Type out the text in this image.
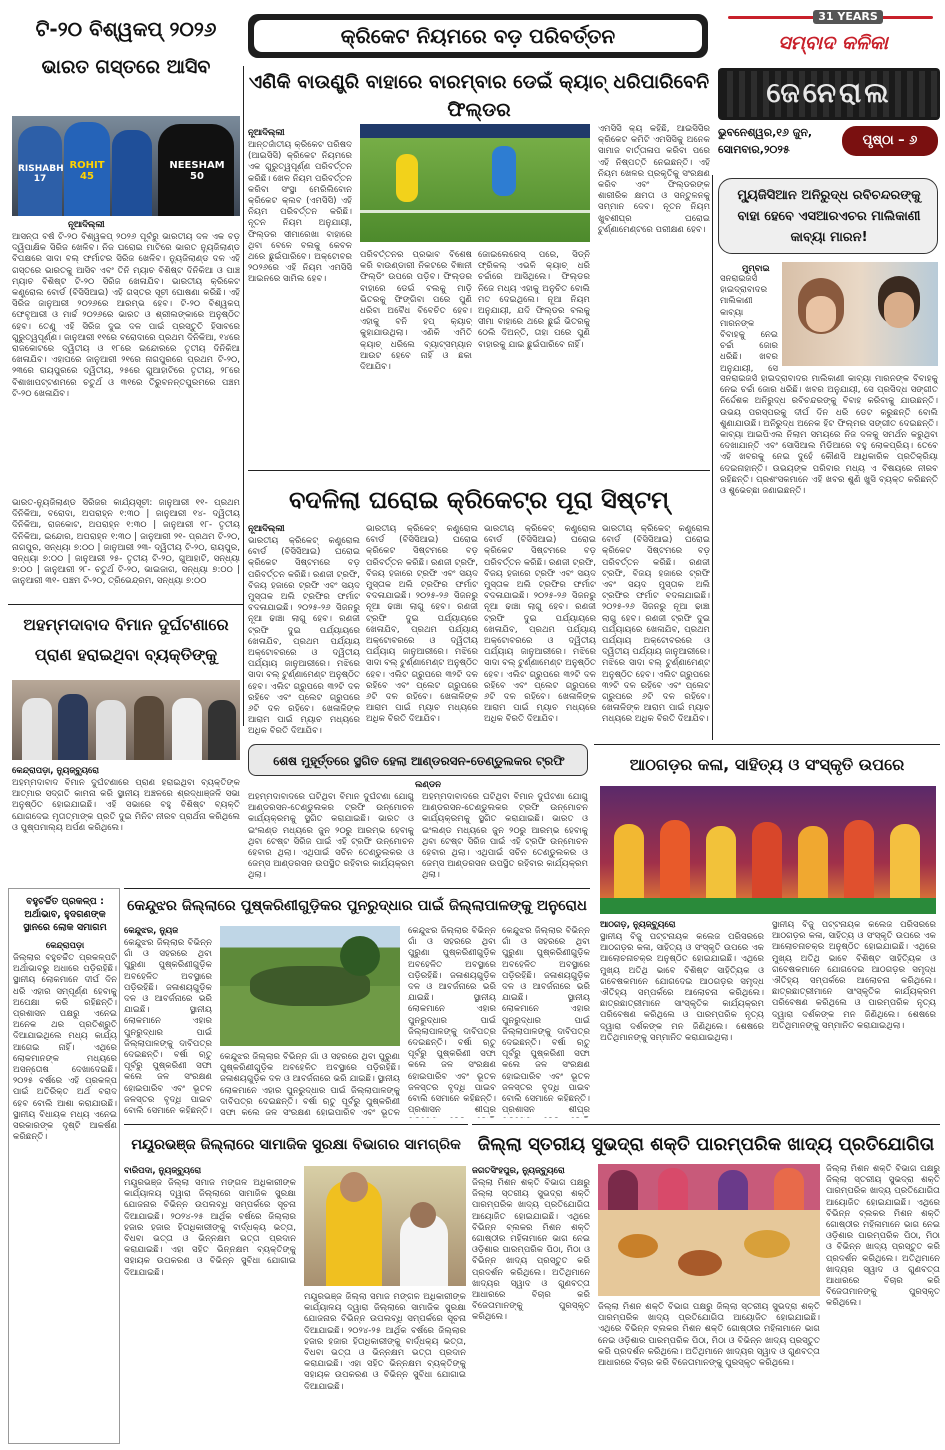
31 YEARS
ସମ୍ବାଦ କଳିକା
ଜେନେରାଲ
ଭୁବନେଶ୍ୱର,୧୬ ଜୁନ, ସୋମବାର,୨୦୨୫
ପୃଷ୍ଠା – ୬
କ୍ରିକେଟ ନିୟମରେ ବଡ଼ ପରିବର୍ତ୍ତନ
ଟି-୨୦ ବିଶ୍ୱକପ୍ ୨୦୨୬
ଭାରତ ଗସ୍ତରେ ଆସିବ
RISHABH 17
ROHIT 45
NEESHAM 50
ନୂଆଦିଲ୍ଲୀ
ଆସନ୍ତା ବର୍ଷ ଟି-୨୦ ବିଶ୍ୱକପ୍ ୨୦୨୬ ପୂର୍ବରୁ ଭାରତୀୟ ଦଳ ଏକ ବଡ଼ ଦ୍ୱିପାକ୍ଷିକ ସିରିଜ ଖେଳିବ। ନିଜ ଘରୋଇ ମାଟିରେ ଭାରତ ନ୍ୟୁଜିଲାଣ୍ଡ ବିପକ୍ଷରେ ସାଦା ବଲ୍ ଫର୍ମାଟର ସିରିଜ ଖେଳିବ। ନ୍ୟୁଜିଲାଣ୍ଡ ଦଳ ଏହି ଗସ୍ତରେ ଭାରତକୁ ଆସିବ ଏବଂ ତିନି ମ୍ୟାଚ ବିଶିଷ୍ଟ ଦିନିକିଆ ଓ ପାଞ୍ଚ ମ୍ୟାଚ ବିଶିଷ୍ଟ ଟି-୨୦ ସିରିଜ ଖେଳାଯିବ। ଭାରତୀୟ କ୍ରିକେଟ କଣ୍ଟ୍ରୋଲ ବୋର୍ଡ (ବିସିସିଆଇ) ଏହି ଗସ୍ତର ସୂଚୀ ଘୋଷଣା କରିଛି। ଏହି ସିରିଜ ଜାନୁଆରୀ ୨୦୨୬ରେ ଆରମ୍ଭ ହେବ। ଟି-୨୦ ବିଶ୍ୱକପ୍ ଫେବୃଆରୀ ଓ ମାର୍ଚ୍ଚ ୨୦୨୬ରେ ଭାରତ ଓ ଶ୍ରୀଲଙ୍କାରେ ଅନୁଷ୍ଠିତ ହେବ। ତେଣୁ ଏହି ସିରିଜ ଦୁଇ ଦଳ ପାଇଁ ପ୍ରସ୍ତୁତି ହିସାବରେ ଗୁରୁତ୍ୱପୂର୍ଣ୍ଣ। ଜାନୁଆରୀ ୧୧ରେ ବରୋଦାରେ ପ୍ରଥମ ଦିନିକିଆ, ୧୪ରେ ରାଜକୋଟରେ ଦ୍ୱିତୀୟ ଓ ୧୮ରେ ଇନ୍ଦୋରରେ ତୃତୀୟ ଦିନିକିଆ ଖେଳାଯିବ। ଏହାପରେ ଜାନୁଆରୀ ୨୧ରେ ନାଗପୁରରେ ପ୍ରଥମ ଟି-୨୦, ୨୩ରେ ରାୟପୁରରେ ଦ୍ୱିତୀୟ, ୨୫ରେ ଗୁଆହାଟିରେ ତୃତୀୟ, ୨୮ରେ ବିଶାଖାପଟ୍ଟଣମରେ ଚତୁର୍ଥ ଓ ୩୧ରେ ତିରୁବନନ୍ତପୁରମରେ ପଞ୍ଚମ ଟି-୨୦ ଖେଳାଯିବ।
ଭାରତ-ନ୍ୟୁଜିଲାଣ୍ଡ ସିରିଜର କାର୍ଯ୍ୟସୂଚୀ: ଜାନୁଆରୀ ୧୧- ପ୍ରଥମ ଦିନିକିଆ, ବରୋଦା, ଅପରାହ୍ନ ୧:୩୦ | ଜାନୁଆରୀ ୧୪- ଦ୍ୱିତୀୟ ଦିନିକିଆ, ରାଜକୋଟ, ଅପରାହ୍ନ ୧:୩୦ | ଜାନୁଆରୀ ୧୮- ତୃତୀୟ ଦିନିକିଆ, ଇନ୍ଦୋର, ଅପରାହ୍ନ ୧:୩୦ | ଜାନୁଆରୀ ୨୧- ପ୍ରଥମ ଟି-୨୦, ନାଗପୁର, ସନ୍ଧ୍ୟା ୭:୦୦ | ଜାନୁଆରୀ ୨୩- ଦ୍ୱିତୀୟ ଟି-୨୦, ରାୟପୁର, ସନ୍ଧ୍ୟା ୭:୦୦ | ଜାନୁଆରୀ ୨୫- ତୃତୀୟ ଟି-୨୦, ଗୁଆହାଟି, ସନ୍ଧ୍ୟା ୭:୦୦ | ଜାନୁଆରୀ ୨୮- ଚତୁର୍ଥ ଟି-୨୦, ଭାଇଜାଗ, ସନ୍ଧ୍ୟା ୭:୦୦ | ଜାନୁଆରୀ ୩୧- ପଞ୍ଚମ ଟି-୨୦, ତ୍ରିଭେନ୍ଦ୍ରମ, ସନ୍ଧ୍ୟା ୭:୦୦
ଏଣିକି ବାଉଣ୍ଡ୍ରି ବାହାରେ ବାରମ୍ବାର ଡେଇଁ କ୍ୟାଚ୍ ଧରିପାରିବେନି ଫିଲ୍ଡର
ନୂଆଦିଲ୍ଲୀ
ଆନ୍ତର୍ଜାତୀୟ କ୍ରିକେଟ ପରିଷଦ (ଆଇସିସି) କ୍ରିକେଟ ନିୟମରେ ଏକ ଗୁରୁତ୍ୱପୂର୍ଣ୍ଣ ପରିବର୍ତ୍ତନ କରିଛି। ଖେଳ ନିୟମ ପରିବର୍ତ୍ତନ କରିବା ସଂସ୍ଥା ମେରିଲିବୋନ କ୍ରିକେଟ କ୍ଲବ (ଏମସିସି) ଏହି ନିୟମ ପରିବର୍ତ୍ତନ କରିଛି। ନୂତନ ନିୟମ ଅନୁଯାୟୀ, ଫିଲ୍ଡର ସୀମାରେଖା ବାହାରେ ଥିବା ବେଳେ ବଲକୁ କେବଳ ଥରେ ଛୁଇଁପାରିବେ। ଅକ୍ଟୋବର ୨୦୨୬ରେ ଏହି ନିୟମ ଏମସିସି ଆଇନରେ ସାମିଲ ହେବ।
ପରିବର୍ତ୍ତନର ପ୍ରଭାବ ବିଶେଷ କରି ବାଉଣ୍ଡାରୀ ନିକଟରେ ବିଜ୍ଞାନୀ ଫିଲ୍ଡିଂ ଉପରେ ପଡ଼ିବ। ଫିଲ୍ଡର ବାହାରେ ଡେଇଁ ବଲକୁ ମାଡ଼ି ଭିତରକୁ ଫିଙ୍ଗିବା ପରେ ପୁଣି ଧରିବା ଅବୈଧ ବିବେଚିତ ହେବ। ଏହାକୁ ବନି ହପ୍ କ୍ୟାଚ୍ କୁହାଯାଉଥିଲା। ଏଣିକି ଏମିତି କ୍ୟାଚ୍ ଧରିଲେ ବ୍ୟାଟ୍ସମ୍ୟାନ ଆଉଟ ହେବେ ନାହିଁ ଓ ଛକା ଦିଆଯିବ।
ଜୋଇଲେରେସ୍ ପରେ, ସିଡ୍ନି ଫ୍ରିକଲ୍ ଏଭଳି କ୍ୟାଚ୍ ଧରି ଚର୍ଚ୍ଚାରେ ଆସିଥିଲେ। ଫିଲ୍ଡର ନିଜେ ମଧ୍ୟ ଏହାକୁ ଅନୁଚିତ ବୋଲି ମତ ଦେଇଥିଲେ। ନୂଆ ନିୟମ ଅନୁଯାୟୀ, ଯଦି ଫିଲ୍ଡର ବଲକୁ ସୀମା ବାହାରେ ଥରେ ଛୁଇଁ ଭିତରକୁ ଠେଲି ଦିଅନ୍ତି, ତାହା ପରେ ପୁଣି ବାହାରକୁ ଯାଇ ଛୁଇଁପାରିବେ ନାହିଁ।
ଏମସିସି କ୍ୟ କହିଛି, ଆଇସିସିର କ୍ରିକେଟ କମିଟି ଏମସିସିକୁ ଅନେକ ସାମାଜ ବାର୍ତ୍ତାଳାପ କରିବା ପରେ ଏହି ନିଷ୍ପତ୍ତି ନେଇଛନ୍ତି। ଏହି ନିୟମ ଖେଳର ପ୍ରକୃତିକୁ ସଂରକ୍ଷଣ କରିବ ଏବଂ ଫିଲ୍ଡରଙ୍କ ଶାରୀରିକ କ୍ଷମତା ଓ ସନ୍ତୁଳନକୁ ସମ୍ମାନ ଦେବ। ନୂତନ ନିୟମ ଖୁବଶୀଘ୍ର ଘରୋଇ ଟୁର୍ଣ୍ଣାମେଣ୍ଟରେ ପରୀକ୍ଷଣ ହେବ।
ମ୍ୟୁଜିସିଆନ ଅନିରୁଦ୍ଧ ରବିଚନ୍ଦରଙ୍କୁ ବାହା ହେବେ ଏସଆରଏଚର ମାଲିକାଣୀ କାବ୍ୟା ମାରନ!
ମୁମ୍ବାଇ
ସନରାଇଜର୍ସ ହାଇଦ୍ରାବାଦର ମାଲିକାଣୀ କାବ୍ୟା ମାରନଙ୍କ ବିବାହକୁ ନେଇ ଚର୍ଚ୍ଚା ଜୋର ଧରିଛି। ଖବର ଅନୁଯାୟୀ, ସେ
ସନରାଇଜର୍ସ ହାଇଦ୍ରାବାଦର ମାଲିକାଣୀ କାବ୍ୟା ମାରନଙ୍କ ବିବାହକୁ ନେଇ ଚର୍ଚ୍ଚା ଜୋର ଧରିଛି। ଖବର ଅନୁଯାୟୀ, ସେ ପ୍ରସିଦ୍ଧ ସଙ୍ଗୀତ ନିର୍ଦ୍ଦେଶକ ଅନିରୁଦ୍ଧ ରବିଚନ୍ଦରଙ୍କୁ ବିବାହ କରିବାକୁ ଯାଉଛନ୍ତି। ଉଭୟ ପରସ୍ପରକୁ ଦୀର୍ଘ ଦିନ ଧରି ଡେଟ କରୁଛନ୍ତି ବୋଲି ଶୁଣାଯାଉଛି। ଅନିରୁଦ୍ଧ ଅନେକ ହିଟ ଫିଲ୍ମର ସଙ୍ଗୀତ ଦେଇଛନ୍ତି। କାବ୍ୟା ଆଇପିଏଲ ନିଲାମ ସମୟରେ ନିଜ ଦଳକୁ ସମର୍ଥନ କରୁଥିବା ଦେଖାଯାନ୍ତି ଏବଂ ସୋସିଆଲ ମିଡିଆରେ ବହୁ ଲୋକପ୍ରିୟ। ତେବେ ଏହି ଖବରକୁ ନେଇ ଦୁହେଁ କୌଣସି ଆଧିକାରିକ ପ୍ରତିକ୍ରିୟା ଦେଇନାହାନ୍ତି। ଉଭୟଙ୍କ ପରିବାର ମଧ୍ୟ ଏ ବିଷୟରେ ନୀରବ ରହିଛନ୍ତି। ପ୍ରଶଂସକମାନେ ଏହି ଖବର ଶୁଣି ଖୁସି ବ୍ୟକ୍ତ କରିଛନ୍ତି ଓ ଶୁଭେଚ୍ଛା ଜଣାଇଛନ୍ତି।
ବଦଳିଲା ଘରୋଇ କ୍ରିକେଟ୍‌ର ପୂରା ସିଷ୍ଟମ୍
ନୂଆଦିଲ୍ଲୀ
ଭାରତୀୟ କ୍ରିକେଟ୍ କଣ୍ଟ୍ରୋଲ ବୋର୍ଡ (ବିସିସିଆଇ) ଘରୋଇ କ୍ରିକେଟ ସିଷ୍ଟମରେ ବଡ଼ ପରିବର୍ତ୍ତନ କରିଛି। ରଣଜୀ ଟ୍ରଫି, ବିଜୟ ହଜାରେ ଟ୍ରଫି ଏବଂ ସୟଦ ମୁସ୍ତାକ ଅଲି ଟ୍ରଫିର ଫର୍ମାଟ ବଦଳାଯାଇଛି। ୨୦୨୫-୨୬ ସିଜନରୁ ନୂଆ ଢାଞ୍ଚା ଲାଗୁ ହେବ। ରଣଜୀ ଟ୍ରଫି ଦୁଇ ପର୍ଯ୍ୟାୟରେ ଖେଳାଯିବ, ପ୍ରଥମ ପର୍ଯ୍ୟାୟ ଅକ୍ଟୋବରରେ ଓ ଦ୍ୱିତୀୟ ପର୍ଯ୍ୟାୟ ଜାନୁଆରୀରେ। ମଝିରେ ସାଦା ବଲ୍ ଟୁର୍ଣ୍ଣାମେଣ୍ଟ ଅନୁଷ୍ଠିତ ହେବ। ଏଲିଟ ଗ୍ରୁପରେ ୩୨ଟି ଦଳ ରହିବେ ଏବଂ ପ୍ଲେଟ ଗ୍ରୁପରେ ୬ଟି ଦଳ ରହିବେ। ଖେଳାଳିଙ୍କ ଆରାମ ପାଇଁ ମ୍ୟାଚ ମଧ୍ୟରେ ଅଧିକ ବିରତି ଦିଆଯିବ।
ଭାରତୀୟ କ୍ରିକେଟ୍ କଣ୍ଟ୍ରୋଲ ବୋର୍ଡ (ବିସିସିଆଇ) ଘରୋଇ କ୍ରିକେଟ ସିଷ୍ଟମରେ ବଡ଼ ପରିବର୍ତ୍ତନ କରିଛି। ରଣଜୀ ଟ୍ରଫି, ବିଜୟ ହଜାରେ ଟ୍ରଫି ଏବଂ ସୟଦ ମୁସ୍ତାକ ଅଲି ଟ୍ରଫିର ଫର୍ମାଟ ବଦଳାଯାଇଛି। ୨୦୨୫-୨୬ ସିଜନରୁ ନୂଆ ଢାଞ୍ଚା ଲାଗୁ ହେବ। ରଣଜୀ ଟ୍ରଫି ଦୁଇ ପର୍ଯ୍ୟାୟରେ ଖେଳାଯିବ, ପ୍ରଥମ ପର୍ଯ୍ୟାୟ ଅକ୍ଟୋବରରେ ଓ ଦ୍ୱିତୀୟ ପର୍ଯ୍ୟାୟ ଜାନୁଆରୀରେ। ମଝିରେ ସାଦା ବଲ୍ ଟୁର୍ଣ୍ଣାମେଣ୍ଟ ଅନୁଷ୍ଠିତ ହେବ। ଏଲିଟ ଗ୍ରୁପରେ ୩୨ଟି ଦଳ ରହିବେ ଏବଂ ପ୍ଲେଟ ଗ୍ରୁପରେ ୬ଟି ଦଳ ରହିବେ। ଖେଳାଳିଙ୍କ ଆରାମ ପାଇଁ ମ୍ୟାଚ ମଧ୍ୟରେ ଅଧିକ ବିରତି ଦିଆଯିବ।
ଭାରତୀୟ କ୍ରିକେଟ୍ କଣ୍ଟ୍ରୋଲ ବୋର୍ଡ (ବିସିସିଆଇ) ଘରୋଇ କ୍ରିକେଟ ସିଷ୍ଟମରେ ବଡ଼ ପରିବର୍ତ୍ତନ କରିଛି। ରଣଜୀ ଟ୍ରଫି, ବିଜୟ ହଜାରେ ଟ୍ରଫି ଏବଂ ସୟଦ ମୁସ୍ତାକ ଅଲି ଟ୍ରଫିର ଫର୍ମାଟ ବଦଳାଯାଇଛି। ୨୦୨୫-୨୬ ସିଜନରୁ ନୂଆ ଢାଞ୍ଚା ଲାଗୁ ହେବ। ରଣଜୀ ଟ୍ରଫି ଦୁଇ ପର୍ଯ୍ୟାୟରେ ଖେଳାଯିବ, ପ୍ରଥମ ପର୍ଯ୍ୟାୟ ଅକ୍ଟୋବରରେ ଓ ଦ୍ୱିତୀୟ ପର୍ଯ୍ୟାୟ ଜାନୁଆରୀରେ। ମଝିରେ ସାଦା ବଲ୍ ଟୁର୍ଣ୍ଣାମେଣ୍ଟ ଅନୁଷ୍ଠିତ ହେବ। ଏଲିଟ ଗ୍ରୁପରେ ୩୨ଟି ଦଳ ରହିବେ ଏବଂ ପ୍ଲେଟ ଗ୍ରୁପରେ ୬ଟି ଦଳ ରହିବେ। ଖେଳାଳିଙ୍କ ଆରାମ ପାଇଁ ମ୍ୟାଚ ମଧ୍ୟରେ ଅଧିକ ବିରତି ଦିଆଯିବ।
ଭାରତୀୟ କ୍ରିକେଟ୍ କଣ୍ଟ୍ରୋଲ ବୋର୍ଡ (ବିସିସିଆଇ) ଘରୋଇ କ୍ରିକେଟ ସିଷ୍ଟମରେ ବଡ଼ ପରିବର୍ତ୍ତନ କରିଛି। ରଣଜୀ ଟ୍ରଫି, ବିଜୟ ହଜାରେ ଟ୍ରଫି ଏବଂ ସୟଦ ମୁସ୍ତାକ ଅଲି ଟ୍ରଫିର ଫର୍ମାଟ ବଦଳାଯାଇଛି। ୨୦୨୫-୨୬ ସିଜନରୁ ନୂଆ ଢାଞ୍ଚା ଲାଗୁ ହେବ। ରଣଜୀ ଟ୍ରଫି ଦୁଇ ପର୍ଯ୍ୟାୟରେ ଖେଳାଯିବ, ପ୍ରଥମ ପର୍ଯ୍ୟାୟ ଅକ୍ଟୋବରରେ ଓ ଦ୍ୱିତୀୟ ପର୍ଯ୍ୟାୟ ଜାନୁଆରୀରେ। ମଝିରେ ସାଦା ବଲ୍ ଟୁର୍ଣ୍ଣାମେଣ୍ଟ ଅନୁଷ୍ଠିତ ହେବ। ଏଲିଟ ଗ୍ରୁପରେ ୩୨ଟି ଦଳ ରହିବେ ଏବଂ ପ୍ଲେଟ ଗ୍ରୁପରେ ୬ଟି ଦଳ ରହିବେ। ଖେଳାଳିଙ୍କ ଆରାମ ପାଇଁ ମ୍ୟାଚ ମଧ୍ୟରେ ଅଧିକ ବିରତି ଦିଆଯିବ।
ଅହମ୍ମଦାବାଦ ବିମାନ ଦୁର୍ଘଟଣାରେ
ପ୍ରାଣ ହରାଇଥିବା ବ୍ୟକ୍ତିଙ୍କୁ
କେନ୍ଦ୍ରାପଡ଼ା, ନ୍ୟୁଜ୍‌ବ୍ୟୁରୋ
ଅହମ୍ମଦାବାଦ ବିମାନ ଦୁର୍ଘଟଣାରେ ପ୍ରାଣ ହରାଇଥିବା ବ୍ୟକ୍ତିଙ୍କ ଆତ୍ମାର ସଦ୍‌ଗତି କାମନା କରି ସ୍ଥାନୀୟ ଅଞ୍ଚଳରେ ଶ୍ରଦ୍ଧାଞ୍ଜଳି ସଭା ଅନୁଷ୍ଠିତ ହୋଇଯାଇଛି। ଏହି ସଭାରେ ବହୁ ବିଶିଷ୍ଟ ବ୍ୟକ୍ତି ଯୋଗଦେଇ ମୃତାତ୍ମାଙ୍କ ପ୍ରତି ଦୁଇ ମିନିଟ ନୀରବ ପ୍ରାର୍ଥନା କରିଥିଲେ ଓ ପୁଷ୍ପମାଲ୍ୟ ଅର୍ପଣ କରିଥିଲେ।
ଶେଷ ମୁହୂର୍ତ୍ତରେ ସ୍ଥଗିତ ହେଲା ଆଣ୍ଡରସନ-ତେଣ୍ଡୁଲକର ଟ୍ରଫି
ଲଣ୍ଡନ
ଅହମ୍ମଦାବାଦରେ ଘଟିଥିବା ବିମାନ ଦୁର୍ଘଟଣା ଯୋଗୁ ଆଣ୍ଡରସନ-ତେଣ୍ଡୁଲକର ଟ୍ରଫି ଉନ୍ମୋଚନ କାର୍ଯ୍ୟକ୍ରମକୁ ସ୍ଥଗିତ କରାଯାଇଛି। ଭାରତ ଓ ଇଂଲଣ୍ଡ ମଧ୍ୟରେ ଜୁନ ୨୦ରୁ ଆରମ୍ଭ ହେବାକୁ ଥିବା ଟେଷ୍ଟ ସିରିଜ ପାଇଁ ଏହି ଟ୍ରଫି ଉନ୍ମୋଚନ ହେବାର ଥିଲା। ଏଥିପାଇଁ ସଚିନ ତେଣ୍ଡୁଲକର ଓ ଜେମ୍ସ ଆଣ୍ଡରସନ ଉପସ୍ଥିତ ରହିବାର କାର୍ଯ୍ୟକ୍ରମ ଥିଲା।
ଅହମ୍ମଦାବାଦରେ ଘଟିଥିବା ବିମାନ ଦୁର୍ଘଟଣା ଯୋଗୁ ଆଣ୍ଡରସନ-ତେଣ୍ଡୁଲକର ଟ୍ରଫି ଉନ୍ମୋଚନ କାର୍ଯ୍ୟକ୍ରମକୁ ସ୍ଥଗିତ କରାଯାଇଛି। ଭାରତ ଓ ଇଂଲଣ୍ଡ ମଧ୍ୟରେ ଜୁନ ୨୦ରୁ ଆରମ୍ଭ ହେବାକୁ ଥିବା ଟେଷ୍ଟ ସିରିଜ ପାଇଁ ଏହି ଟ୍ରଫି ଉନ୍ମୋଚନ ହେବାର ଥିଲା। ଏଥିପାଇଁ ସଚିନ ତେଣ୍ଡୁଲକର ଓ ଜେମ୍ସ ଆଣ୍ଡରସନ ଉପସ୍ଥିତ ରହିବାର କାର୍ଯ୍ୟକ୍ରମ ଥିଲା।
ଆଠଗଡ଼ର କଳା, ସାହିତ୍ୟ ଓ ସଂସ୍କୃତି ଉପରେ
ଆଠଗଡ଼, ନ୍ୟୁଜ୍‌ବ୍ୟୁରୋ
ସ୍ଥାନୀୟ ବିଜୁ ପଟ୍ଟନାୟକ କଲେଜ ପରିସରରେ ଆଠଗଡ଼ର କଳା, ସାହିତ୍ୟ ଓ ସଂସ୍କୃତି ଉପରେ ଏକ ଆଲୋଚନାଚକ୍ର ଅନୁଷ୍ଠିତ ହୋଇଯାଇଛି। ଏଥିରେ ମୁଖ୍ୟ ଅତିଥି ଭାବେ ବିଶିଷ୍ଟ ସାହିତ୍ୟିକ ଓ ଗବେଷକମାନେ ଯୋଗଦେଇ ଆଠଗଡ଼ର ସମୃଦ୍ଧ ଐତିହ୍ୟ ସମ୍ପର୍କରେ ଆଲୋଚନା କରିଥିଲେ। ଛାତ୍ରଛାତ୍ରୀମାନେ ସାଂସ୍କୃତିକ କାର୍ଯ୍ୟକ୍ରମ ପରିବେଷଣ କରିଥିଲେ ଓ ପାରମ୍ପରିକ ନୃତ୍ୟ ଦ୍ୱାରା ଦର୍ଶକଙ୍କ ମନ ଜିଣିଥିଲେ। ଶେଷରେ ଅତିଥିମାନଙ୍କୁ ସମ୍ମାନିତ କରାଯାଇଥିଲା।
ସ୍ଥାନୀୟ ବିଜୁ ପଟ୍ଟନାୟକ କଲେଜ ପରିସରରେ ଆଠଗଡ଼ର କଳା, ସାହିତ୍ୟ ଓ ସଂସ୍କୃତି ଉପରେ ଏକ ଆଲୋଚନାଚକ୍ର ଅନୁଷ୍ଠିତ ହୋଇଯାଇଛି। ଏଥିରେ ମୁଖ୍ୟ ଅତିଥି ଭାବେ ବିଶିଷ୍ଟ ସାହିତ୍ୟିକ ଓ ଗବେଷକମାନେ ଯୋଗଦେଇ ଆଠଗଡ଼ର ସମୃଦ୍ଧ ଐତିହ୍ୟ ସମ୍ପର୍କରେ ଆଲୋଚନା କରିଥିଲେ। ଛାତ୍ରଛାତ୍ରୀମାନେ ସାଂସ୍କୃତିକ କାର୍ଯ୍ୟକ୍ରମ ପରିବେଷଣ କରିଥିଲେ ଓ ପାରମ୍ପରିକ ନୃତ୍ୟ ଦ୍ୱାରା ଦର୍ଶକଙ୍କ ମନ ଜିଣିଥିଲେ। ଶେଷରେ ଅତିଥିମାନଙ୍କୁ ସମ୍ମାନିତ କରାଯାଇଥିଲା।
ବହୁଚର୍ଚ୍ଚିତ ପ୍ରକଳ୍ପ : ଅର୍ଥାଭାବ, ହୁଦଗଣଙ୍କ ସ୍ଥାନରେ ଲୋକ ସମାଗମ
କେନ୍ଦ୍ରାପଡ଼ା
ଜିଲ୍ଲାର ବହୁଚର୍ଚ୍ଚିତ ପ୍ରକଳ୍ପଟି ଅର୍ଥାଭାବରୁ ଅଧାରେ ପଡ଼ିରହିଛି। ସ୍ଥାନୀୟ ଲୋକମାନେ ଦୀର୍ଘ ଦିନ ଧରି ଏହାର ସମ୍ପୂର୍ଣ୍ଣ ହେବାକୁ ଅପେକ୍ଷା କରି ରହିଛନ୍ତି। ପ୍ରଶାସନ ପକ୍ଷରୁ ଏନେଇ ଅନେକ ଥର ପ୍ରତିଶ୍ରୁତି ଦିଆଯାଇଥିଲେ ମଧ୍ୟ କାର୍ଯ୍ୟ ଆଗେଇ ନାହିଁ। ଏଥିରେ ଲୋକମାନଙ୍କ ମଧ୍ୟରେ ଅସନ୍ତୋଷ ଦେଖାଦେଇଛି। ୨୦୨୫ ବର୍ଷରେ ଏହି ପ୍ରକଳ୍ପ ପାଇଁ ଅତିରିକ୍ତ ଅର୍ଥ ବରାଦ ହେବ ବୋଲି ଆଶା କରାଯାଉଛି। ସ୍ଥାନୀୟ ବିଧାୟକ ମଧ୍ୟ ଏନେଇ ସରକାରଙ୍କ ଦୃଷ୍ଟି ଆକର୍ଷଣ କରିଛନ୍ତି।
କେନ୍ଦୁଝର ଜିଲ୍ଲାରେ ପୁଷ୍କରିଣୀଗୁଡ଼ିକର ପୁନରୁଦ୍ଧାର ପାଇଁ ଜିଲ୍ଲାପାଳଙ୍କୁ ଅନୁରୋଧ
କେନ୍ଦୁଝର, ନ୍ୟୁଜ
କେନ୍ଦୁଝର ଜିଲ୍ଲାର ବିଭିନ୍ନ ଗାଁ ଓ ସହରରେ ଥିବା ପୁରୁଣା ପୁଷ୍କରିଣୀଗୁଡ଼ିକ ଅବହେଳିତ ଅବସ୍ଥାରେ ପଡ଼ିରହିଛି। ଜଳାଶୟଗୁଡ଼ିକ ଦଳ ଓ ଆବର୍ଜନାରେ ଭରି ଯାଇଛି। ସ୍ଥାନୀୟ ଲୋକମାନେ ଏହାର ପୁନରୁଦ୍ଧାର ପାଇଁ ଜିଲ୍ଲାପାଳଙ୍କୁ ଦାବିପତ୍ର ଦେଇଛନ୍ତି। ବର୍ଷା ଋତୁ ପୂର୍ବରୁ ପୁଷ୍କରିଣୀ ସଫା କଲେ ଜଳ ସଂରକ୍ଷଣ ହୋଇପାରିବ ଏବଂ ଭୂତଳ ଜଳସ୍ତର ବୃଦ୍ଧି ପାଇବ ବୋଲି ସେମାନେ କହିଛନ୍ତି।
କେନ୍ଦୁଝର ଜିଲ୍ଲାର ବିଭିନ୍ନ ଗାଁ ଓ ସହରରେ ଥିବା ପୁରୁଣା ପୁଷ୍କରିଣୀଗୁଡ଼ିକ ଅବହେଳିତ ଅବସ୍ଥାରେ ପଡ଼ିରହିଛି। ଜଳାଶୟଗୁଡ଼ିକ ଦଳ ଓ ଆବର୍ଜନାରେ ଭରି ଯାଇଛି। ସ୍ଥାନୀୟ ଲୋକମାନେ ଏହାର ପୁନରୁଦ୍ଧାର ପାଇଁ ଜିଲ୍ଲାପାଳଙ୍କୁ ଦାବିପତ୍ର ଦେଇଛନ୍ତି। ବର୍ଷା ଋତୁ ପୂର୍ବରୁ ପୁଷ୍କରିଣୀ ସଫା କଲେ ଜଳ ସଂରକ୍ଷଣ ହୋଇପାରିବ ଏବଂ ଭୂତଳ
କେନ୍ଦୁଝର ଜିଲ୍ଲାର ବିଭିନ୍ନ ଗାଁ ଓ ସହରରେ ଥିବା ପୁରୁଣା ପୁଷ୍କରିଣୀଗୁଡ଼ିକ ଅବହେଳିତ ଅବସ୍ଥାରେ ପଡ଼ିରହିଛି। ଜଳାଶୟଗୁଡ଼ିକ ଦଳ ଓ ଆବର୍ଜନାରେ ଭରି ଯାଇଛି। ସ୍ଥାନୀୟ ଲୋକମାନେ ଏହାର ପୁନରୁଦ୍ଧାର ପାଇଁ ଜିଲ୍ଲାପାଳଙ୍କୁ ଦାବିପତ୍ର ଦେଇଛନ୍ତି। ବର୍ଷା ଋତୁ ପୂର୍ବରୁ ପୁଷ୍କରିଣୀ ସଫା କଲେ ଜଳ ସଂରକ୍ଷଣ ହୋଇପାରିବ ଏବଂ ଭୂତଳ ଜଳସ୍ତର ବୃଦ୍ଧି ପାଇବ ବୋଲି ସେମାନେ କହିଛନ୍ତି। ପ୍ରଶାସନ ଶୀଘ୍ର
କେନ୍ଦୁଝର ଜିଲ୍ଲାର ବିଭିନ୍ନ ଗାଁ ଓ ସହରରେ ଥିବା ପୁରୁଣା ପୁଷ୍କରିଣୀଗୁଡ଼ିକ ଅବହେଳିତ ଅବସ୍ଥାରେ ପଡ଼ିରହିଛି। ଜଳାଶୟଗୁଡ଼ିକ ଦଳ ଓ ଆବର୍ଜନାରେ ଭରି ଯାଇଛି। ସ୍ଥାନୀୟ ଲୋକମାନେ ଏହାର ପୁନରୁଦ୍ଧାର ପାଇଁ ଜିଲ୍ଲାପାଳଙ୍କୁ ଦାବିପତ୍ର ଦେଇଛନ୍ତି। ବର୍ଷା ଋତୁ ପୂର୍ବରୁ ପୁଷ୍କରିଣୀ ସଫା କଲେ ଜଳ ସଂରକ୍ଷଣ ହୋଇପାରିବ ଏବଂ ଭୂତଳ ଜଳସ୍ତର ବୃଦ୍ଧି ପାଇବ ବୋଲି ସେମାନେ କହିଛନ୍ତି। ପ୍ରଶାସନ ଶୀଘ୍ର
ମୟୂରଭଞ୍ଜ ଜିଲ୍ଲାରେ ସାମାଜିକ ସୁରକ୍ଷା ବିଭାଗର ସାମଗ୍ରିକ
ବାରିପଦା, ନ୍ୟୁଜ୍‌ବ୍ୟୁରୋ
ମୟୂରଭଞ୍ଜ ଜିଲ୍ଲା ସମାଜ ମଙ୍ଗଳ ଅଧିକାରୀଙ୍କ କାର୍ଯ୍ୟାଳୟ ଦ୍ୱାରା ଜିଲ୍ଲାରେ ସାମାଜିକ ସୁରକ୍ଷା ଯୋଜନାର ବିଭିନ୍ନ ଉପଲବ୍ଧି ସମ୍ପର୍କରେ ସୂଚନା ଦିଆଯାଇଛି। ୨୦୨୪-୨୫ ଆର୍ଥିକ ବର୍ଷରେ ଜିଲ୍ଲାର ହଜାର ହଜାର ହିତାଧିକାରୀଙ୍କୁ ବାର୍ଦ୍ଧକ୍ୟ ଭତ୍ତା, ବିଧବା ଭତ୍ତା ଓ ଭିନ୍ନକ୍ଷମ ଭତ୍ତା ପ୍ରଦାନ କରାଯାଇଛି। ଏହା ସହିତ ଭିନ୍ନକ୍ଷମ ବ୍ୟକ୍ତିଙ୍କୁ ସହାୟକ ଉପକରଣ ଓ ବିଭିନ୍ନ ସୁବିଧା ଯୋଗାଇ ଦିଆଯାଇଛି।
ମୟୂରଭଞ୍ଜ ଜିଲ୍ଲା ସମାଜ ମଙ୍ଗଳ ଅଧିକାରୀଙ୍କ କାର୍ଯ୍ୟାଳୟ ଦ୍ୱାରା ଜିଲ୍ଲାରେ ସାମାଜିକ ସୁରକ୍ଷା ଯୋଜନାର ବିଭିନ୍ନ ଉପଲବ୍ଧି ସମ୍ପର୍କରେ ସୂଚନା ଦିଆଯାଇଛି। ୨୦୨୪-୨୫ ଆର୍ଥିକ ବର୍ଷରେ ଜିଲ୍ଲାର ହଜାର ହଜାର ହିତାଧିକାରୀଙ୍କୁ ବାର୍ଦ୍ଧକ୍ୟ ଭତ୍ତା, ବିଧବା ଭତ୍ତା ଓ ଭିନ୍ନକ୍ଷମ ଭତ୍ତା ପ୍ରଦାନ କରାଯାଇଛି। ଏହା ସହିତ ଭିନ୍ନକ୍ଷମ ବ୍ୟକ୍ତିଙ୍କୁ ସହାୟକ ଉପକରଣ ଓ ବିଭିନ୍ନ ସୁବିଧା ଯୋଗାଇ ଦିଆଯାଇଛି।
ଜିଲ୍ଲା ସ୍ତରୀୟ ସୁଭଦ୍ରା ଶକ୍ତି ପାରମ୍ପରିକ ଖାଦ୍ୟ ପ୍ରତିଯୋଗିତା
ଜଗତସିଂହପୁର, ନ୍ୟୁଜ୍‌ବ୍ୟୁରୋ
ଜିଲ୍ଲା ମିଶନ ଶକ୍ତି ବିଭାଗ ପକ୍ଷରୁ ଜିଲ୍ଲା ସ୍ତରୀୟ ସୁଭଦ୍ରା ଶକ୍ତି ପାରମ୍ପରିକ ଖାଦ୍ୟ ପ୍ରତିଯୋଗିତା ଆୟୋଜିତ ହୋଇଯାଇଛି। ଏଥିରେ ବିଭିନ୍ନ ବ୍ଲକର ମିଶନ ଶକ୍ତି ଗୋଷ୍ଠୀର ମହିଳାମାନେ ଭାଗ ନେଇ ଓଡ଼ିଶାର ପାରମ୍ପରିକ ପିଠା, ମିଠା ଓ ବିଭିନ୍ନ ଖାଦ୍ୟ ପ୍ରସ୍ତୁତ କରି ପ୍ରଦର୍ଶନ କରିଥିଲେ। ଅତିଥିମାନେ ଖାଦ୍ୟର ସ୍ୱାଦ ଓ ଗୁଣବତ୍ତା ଆଧାରରେ ବିଚାର କରି ବିଜେତାମାନଙ୍କୁ ପୁରସ୍କୃତ କରିଥିଲେ।
ଜିଲ୍ଲା ମିଶନ ଶକ୍ତି ବିଭାଗ ପକ୍ଷରୁ ଜିଲ୍ଲା ସ୍ତରୀୟ ସୁଭଦ୍ରା ଶକ୍ତି ପାରମ୍ପରିକ ଖାଦ୍ୟ ପ୍ରତିଯୋଗିତା ଆୟୋଜିତ ହୋଇଯାଇଛି। ଏଥିରେ ବିଭିନ୍ନ ବ୍ଲକର ମିଶନ ଶକ୍ତି ଗୋଷ୍ଠୀର ମହିଳାମାନେ ଭାଗ ନେଇ ଓଡ଼ିଶାର ପାରମ୍ପରିକ ପିଠା, ମିଠା ଓ ବିଭିନ୍ନ ଖାଦ୍ୟ ପ୍ରସ୍ତୁତ କରି ପ୍ରଦର୍ଶନ କରିଥିଲେ। ଅତିଥିମାନେ ଖାଦ୍ୟର ସ୍ୱାଦ ଓ ଗୁଣବତ୍ତା ଆଧାରରେ ବିଚାର କରି ବିଜେତାମାନଙ୍କୁ ପୁରସ୍କୃତ କରିଥିଲେ।
ଜିଲ୍ଲା ମିଶନ ଶକ୍ତି ବିଭାଗ ପକ୍ଷରୁ ଜିଲ୍ଲା ସ୍ତରୀୟ ସୁଭଦ୍ରା ଶକ୍ତି ପାରମ୍ପରିକ ଖାଦ୍ୟ ପ୍ରତିଯୋଗିତା ଆୟୋଜିତ ହୋଇଯାଇଛି। ଏଥିରେ ବିଭିନ୍ନ ବ୍ଲକର ମିଶନ ଶକ୍ତି ଗୋଷ୍ଠୀର ମହିଳାମାନେ ଭାଗ ନେଇ ଓଡ଼ିଶାର ପାରମ୍ପରିକ ପିଠା, ମିଠା ଓ ବିଭିନ୍ନ ଖାଦ୍ୟ ପ୍ରସ୍ତୁତ କରି ପ୍ରଦର୍ଶନ କରିଥିଲେ। ଅତିଥିମାନେ ଖାଦ୍ୟର ସ୍ୱାଦ ଓ ଗୁଣବତ୍ତା ଆଧାରରେ ବିଚାର କରି ବିଜେତାମାନଙ୍କୁ ପୁରସ୍କୃତ କରିଥିଲେ।
